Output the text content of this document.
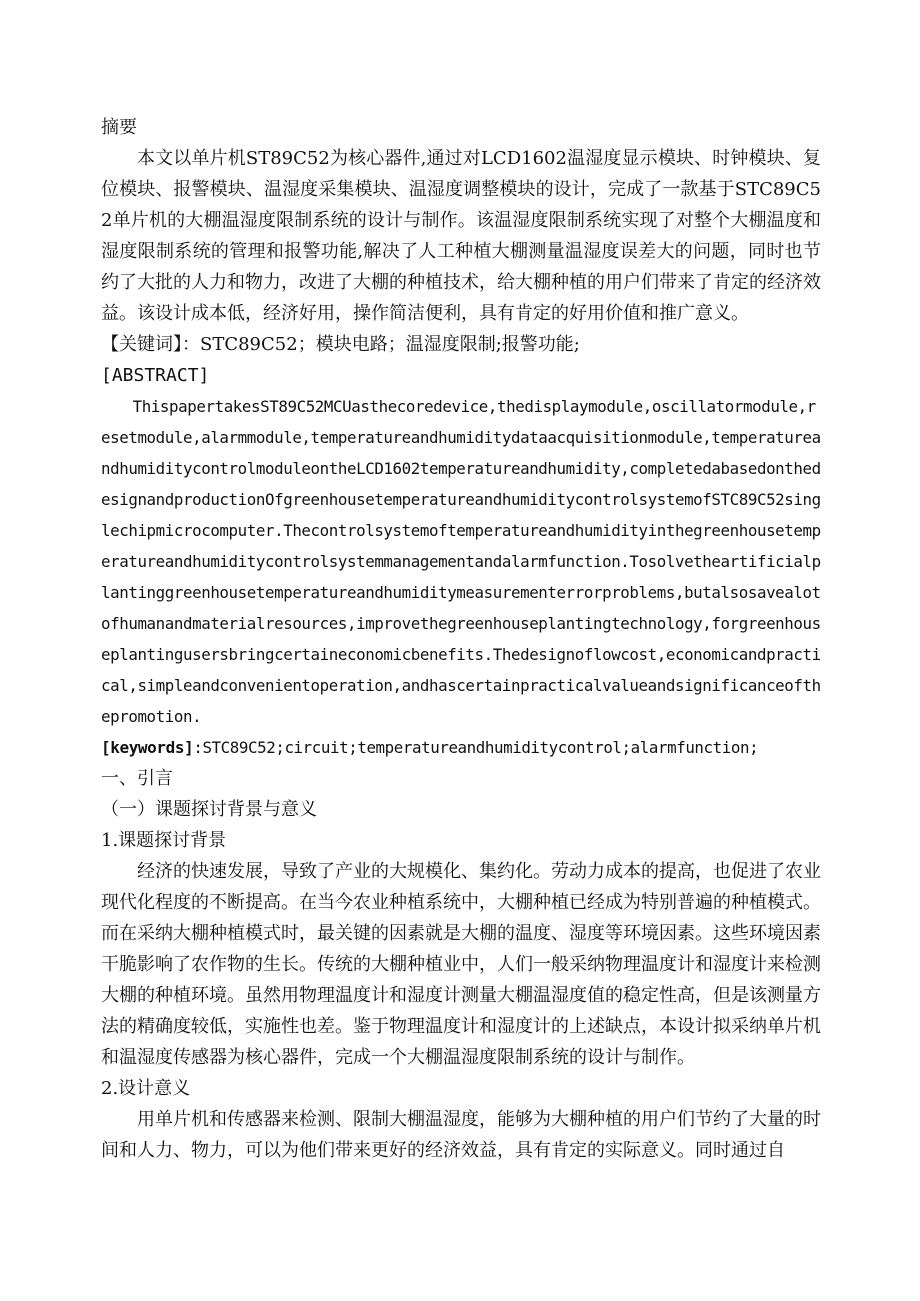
摘要

本文以单片机ST89C52为核心器件,通过对LCD1602温湿度显示模块、时钟模块、复位模块、报警模块、温湿度采集模块、温湿度调整模块的设计，完成了一款基于STC89C52单片机的大棚温湿度限制系统的设计与制作。该温湿度限制系统实现了对整个大棚温度和湿度限制系统的管理和报警功能,解决了人工种植大棚测量温湿度误差大的问题，同时也节约了大批的人力和物力，改进了大棚的种植技术，给大棚种植的用户们带来了肯定的经济效益。该设计成本低，经济好用，操作简洁便利，具有肯定的好用价值和推广意义。

【关键词】：STC89C52；模块电路；温湿度限制;报警功能;

[ABSTRACT]

ThispapertakesST89C52MCUasthecoredevice,thedisplaymodule,oscillatormodule,resetmodule,alarmmodule,temperatureandhumiditydataacquisitionmodule,temperatureandhumiditycontrolmoduleontheLCD1602temperatureandhumidity,completedabasedonthedesignandproductionOfgreenhousetemperatureandhumiditycontrolsystemofSTC89C52singlechipmicrocomputer.Thecontrolsystemoftemperatureandhumidityinthegreenhousetemperatureandhumiditycontrolsystemmanagementandalarmfunction.Tosolvetheartificialplantinggreenhousetemperatureandhumiditymeasurementerrorproblems,butalsosavealotofhumanandmaterialresources,improvethegreenhouseplantingtechnology,forgreenhouseplantingusersbringcertaineconomicbenefits.Thedesignoflowcost,economicandpractical,simpleandconvenientoperation,andhascertainpracticalvalueandsignificanceofthepromotion.

[keywords]:STC89C52;circuit;temperatureandhumiditycontrol;alarmfunction;

一、引言

（一）课题探讨背景与意义

1.课题探讨背景

经济的快速发展，导致了产业的大规模化、集约化。劳动力成本的提高，也促进了农业现代化程度的不断提高。在当今农业种植系统中，大棚种植已经成为特别普遍的种植模式。而在采纳大棚种植模式时，最关键的因素就是大棚的温度、湿度等环境因素。这些环境因素干脆影响了农作物的生长。传统的大棚种植业中，人们一般采纳物理温度计和湿度计来检测大棚的种植环境。虽然用物理温度计和湿度计测量大棚温湿度值的稳定性高，但是该测量方法的精确度较低，实施性也差。鉴于物理温度计和湿度计的上述缺点，本设计拟采纳单片机和温湿度传感器为核心器件，完成一个大棚温湿度限制系统的设计与制作。

2.设计意义

用单片机和传感器来检测、限制大棚温湿度，能够为大棚种植的用户们节约了大量的时间和人力、物力，可以为他们带来更好的经济效益，具有肯定的实际意义。同时通过自
